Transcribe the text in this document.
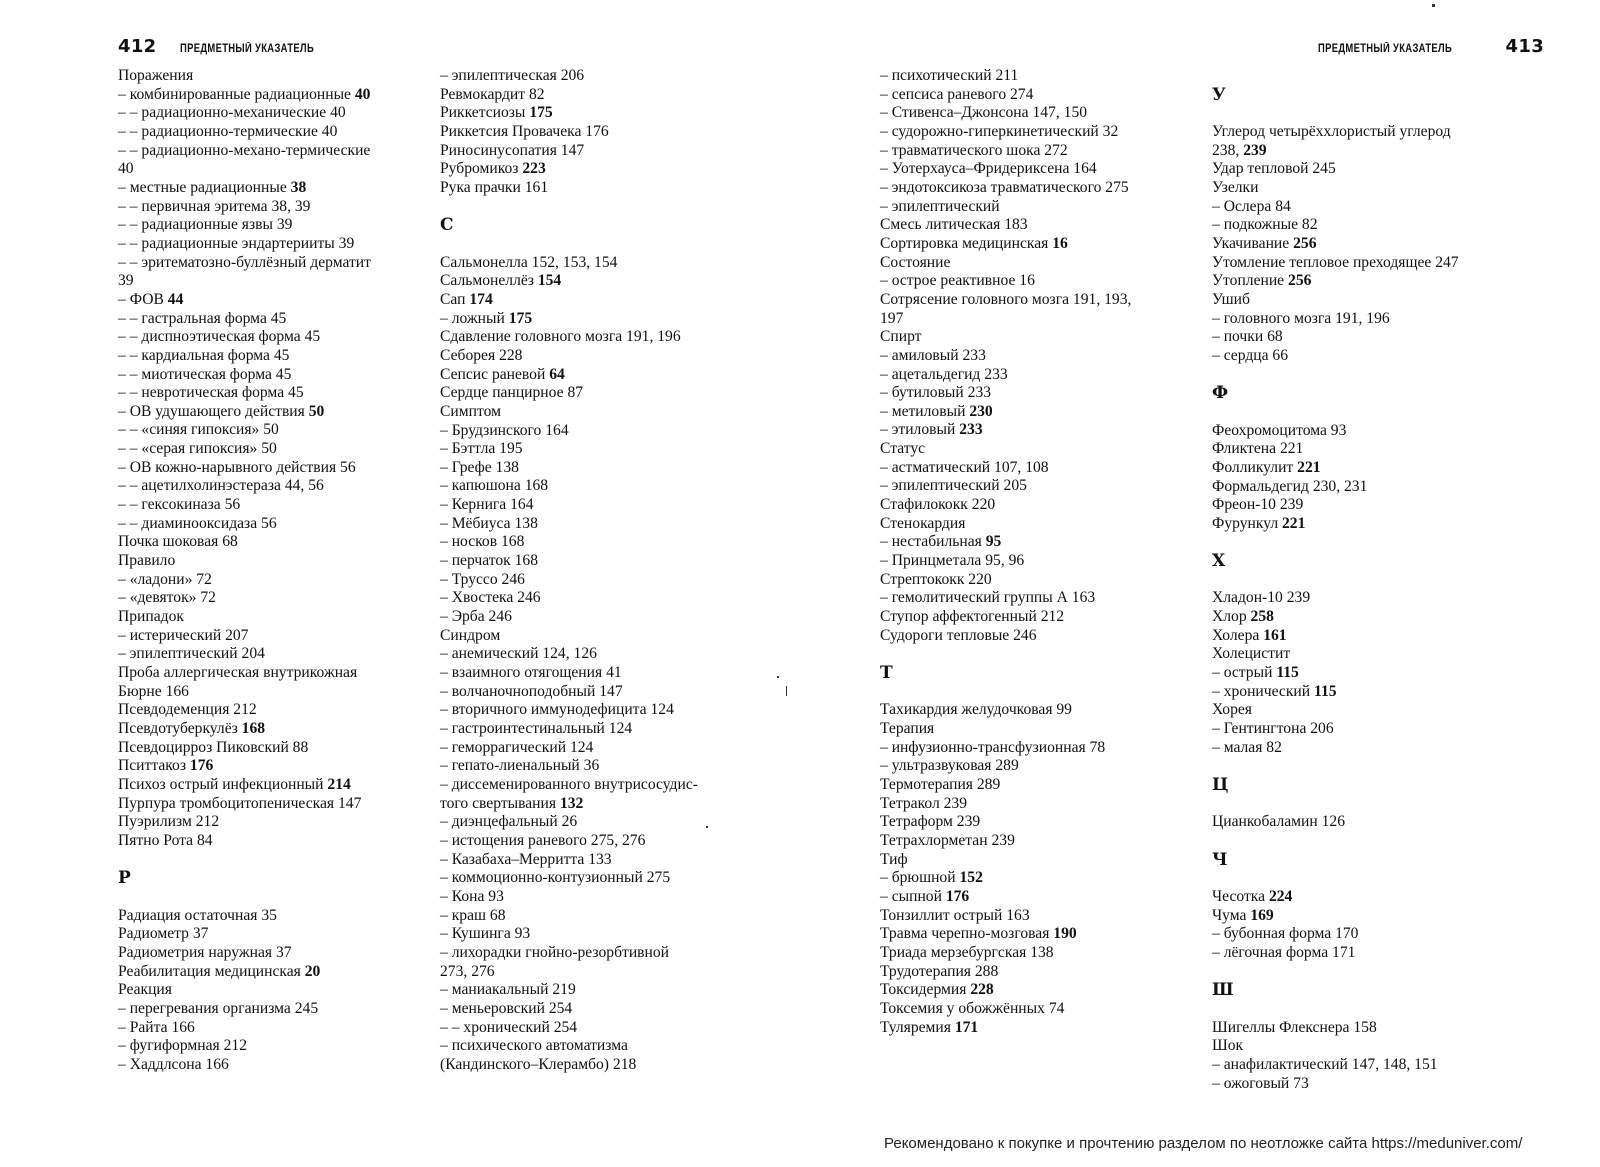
412 ПРЕДМЕТНЫЙ УКАЗАТЕЛЬ	ПРЕДМЕТНЫЙ УКАЗАТЕЛЬ	413
Поражения
– комбинированные радиационные 40
– – радиационно-механические 40
– – радиационно-термические 40
– – радиационно-механо-термические
40
– местные радиационные 38
– – первичная эритема 38, 39
– – радиационные язвы 39
– – радиационные эндартерииты 39
– – эритематозно-буллёзный дерматит
39
– ФОВ 44
– – гастральная форма 45
– – диспноэтическая форма 45
– – кардиальная форма 45
– – миотическая форма 45
– – невротическая форма 45
– ОВ удушающего действия 50
– – «синяя гипоксия» 50
– – «серая гипоксия» 50
– ОВ кожно-нарывного действия 56
– – ацетилхолинэстераза 44, 56
– – гексокиназа 56
– – диаминооксидаза 56
Почка шоковая 68
Правило
– «ладони» 72
– «девяток» 72
Припадок
– истерический 207
– эпилептический 204
Проба аллергическая внутрикожная
Бюрне 166
Псевдодеменция 212
Псевдотуберкулёз 168
Псевдоцирроз Пиковский 88
Пситтакоз 176
Психоз острый инфекционный 214
Пурпура тромбоцитопеническая 147
Пуэрилизм 212
Пятно Рота 84
Р
Радиация остаточная 35
Радиометр 37
Радиометрия наружная 37
Реабилитация медицинская 20
Реакция
– перегревания организма 245
– Райта 166
– фугиформная 212
– Хаддлсона 166
– эпилептическая 206
Ревмокардит 82
Риккетсиозы 175
Риккетсия Провачека 176
Риносинусопатия 147
Рубромикоз 223
Рука прачки 161
С
Сальмонелла 152, 153, 154
Сальмонеллёз 154
Сап 174
– ложный 175
Сдавление головного мозга 191, 196
Себорея 228
Сепсис раневой 64
Сердце панцирное 87
Симптом
– Брудзинского 164
– Бэттла 195
– Грефе 138
– капюшона 168
– Кернига 164
– Мёбиуса 138
– носков 168
– перчаток 168
– Труссо 246
– Хвостека 246
– Эрба 246
Синдром
– анемический 124, 126
– взаимного отягощения 41
– волчаночноподобный 147
– вторичного иммунодефицита 124
– гастроинтестинальный 124
– геморрагический 124
– гепато-лиенальный 36
– диссеменированного внутрисосудис-
того свертывания 132
– диэнцефальный 26
– истощения раневого 275, 276
– Казабаха–Мерритта 133
– коммоционно-контузионный 275
– Кона 93
– краш 68
– Кушинга 93
– лихорадки гнойно-резорбтивной
273, 276
– маниакальный 219
– меньеровский 254
– – хронический 254
– психического автоматизма
(Кандинского–Клерамбо) 218
– психотический 211
– сепсиса раневого 274
– Стивенса–Джонсона 147, 150
– судорожно-гиперкинетический 32
– травматического шока 272
– Уотерхауса–Фридериксена 164
– эндотоксикоза травматического 275
– эпилептический
Смесь литическая 183
Сортировка медицинская 16
Состояние
– острое реактивное 16
Сотрясение головного мозга 191, 193,
197
Спирт
– амиловый 233
– ацетальдегид 233
– бутиловый 233
– метиловый 230
– этиловый 233
Статус
– астматический 107, 108
– эпилептический 205
Стафилококк 220
Стенокардия
– нестабильная 95
– Принцметала 95, 96
Стрептококк 220
– гемолитический группы А 163
Ступор аффектогенный 212
Судороги тепловые 246
Т
Тахикардия желудочковая 99
Терапия
– инфузионно-трансфузионная 78
– ультразвуковая 289
Термотерапия 289
Тетракол 239
Тетраформ 239
Тетрахлорметан 239
Тиф
– брюшной 152
– сыпной 176
Тонзиллит острый 163
Травма черепно-мозговая 190
Триада мерзебургская 138
Трудотерапия 288
Токсидермия 228
Токсемия у обожжённых 74
Туляремия 171
У
Углерод четырёххлористый углерод
238, 239
Удар тепловой 245
Узелки
– Ослера 84
– подкожные 82
Укачивание 256
Утомление тепловое преходящее 247
Утопление 256
Ушиб
– головного мозга 191, 196
– почки 68
– сердца 66
Ф
Феохромоцитома 93
Фликтена 221
Фолликулит 221
Формальдегид 230, 231
Фреон-10 239
Фурункул 221
Х
Хладон-10 239
Хлор 258
Холера 161
Холецистит
– острый 115
– хронический 115
Хорея
– Гентингтона 206
– малая 82
Ц
Цианкобаламин 126
Ч
Чесотка 224
Чума 169
– бубонная форма 170
– лёгочная форма 171
Ш
Шигеллы Флекснера 158
Шок
– анафилактический 147, 148, 151
– ожоговый 73
Рекомендовано к покупке и прочтению разделом по неотложке сайта https://meduniver.com/
